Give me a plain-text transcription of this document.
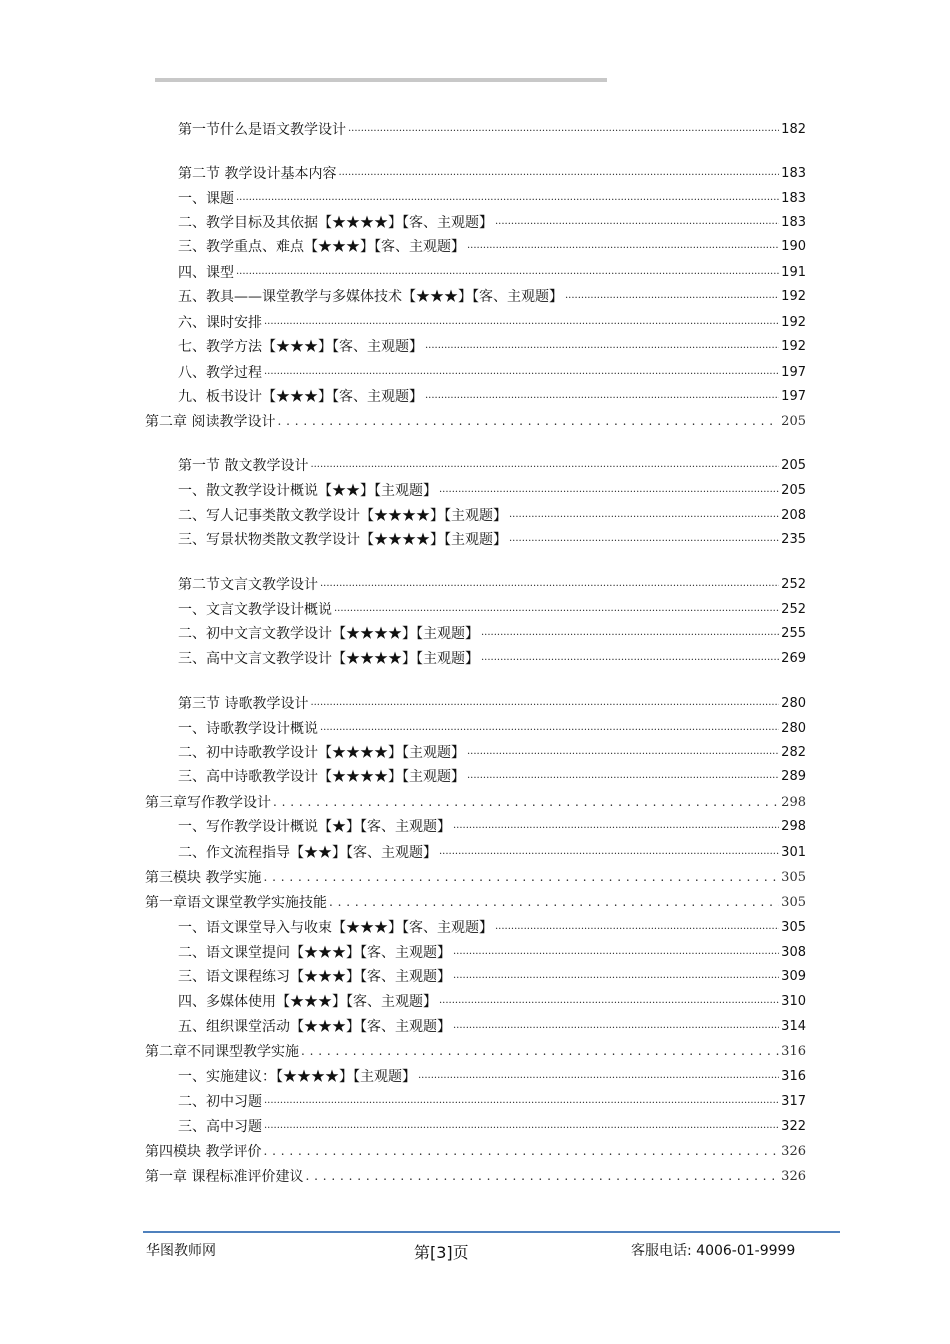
第一节什么是语文教学设计 .....	182
第二节 教学设计基本内容 .....	183
一、课题 .....	183
二、教学目标及其依据【★★★★】【客、主观题】 .....	183
三、教学重点、难点【★★★】【客、主观题】 .....	190
四、课型 .....	191
五、教具——课堂教学与多媒体技术【★★★】【客、主观题】 .....	192
六、课时安排 .....	192
七、教学方法【★★★】【客、主观题】 .....	192
八、教学过程 .....	197
九、板书设计【★★★】【客、主观题】 .....	197
第二章 阅读教学设计 . . .	205
第一节 散文教学设计 .....	205
一、散文教学设计概说【★★】【主观题】 .....	205
二、写人记事类散文教学设计【★★★★】【主观题】 .....	208
三、写景状物类散文教学设计【★★★★】【主观题】 .....	235
第二节文言文教学设计 .....	252
一、文言文教学设计概说 .....	252
二、初中文言文教学设计【★★★★】【主观题】 .....	255
三、高中文言文教学设计【★★★★】【主观题】 .....	269
第三节 诗歌教学设计 .....	280
一、诗歌教学设计概说 .....	280
二、初中诗歌教学设计【★★★★】【主观题】 .....	282
三、高中诗歌教学设计【★★★★】【主观题】 .....	289
第三章写作教学设计 . . .	298
一、写作教学设计概说【★】【客、主观题】 .....	298
二、作文流程指导【★★】【客、主观题】 .....	301
第三模块 教学实施 . . .	305
第一章语文课堂教学实施技能 . . .	305
一、语文课堂导入与收束【★★★】【客、主观题】 .....	305
二、语文课堂提问【★★★】【客、主观题】 .....	308
三、语文课程练习【★★★】【客、主观题】 .....	309
四、多媒体使用【★★★】【客、主观题】 .....	310
五、组织课堂活动【★★★】【客、主观题】 .....	314
第二章不同课型教学实施 . . .	316
一、实施建议：【★★★★】【主观题】 .....	316
二、初中习题 .....	317
三、高中习题 .....	322
第四模块 教学评价 . . .	326
第一章 课程标准评价建议 . . .	326
华图教师网	第[3]页	客服电话: 4006-01-9999
